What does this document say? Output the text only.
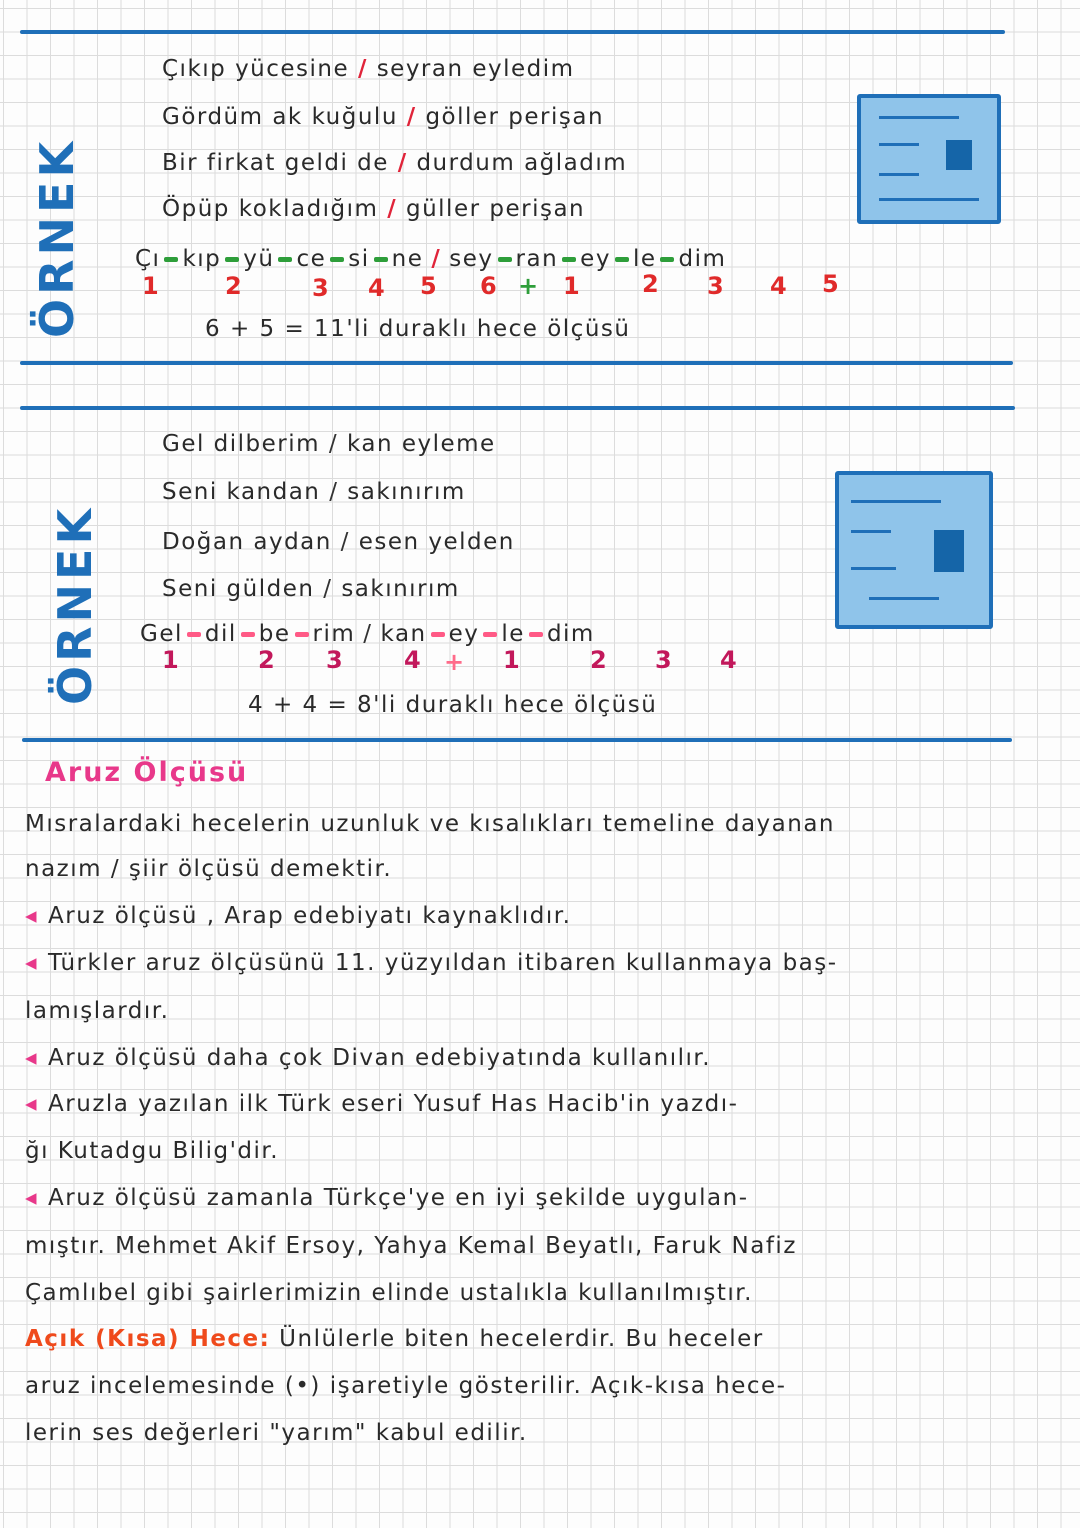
ÖRNEK
Çıkıp yücesine / seyran eyledim
Gördüm ak kuğulu / göller perişan
Bir firkat geldi de / durdum ağladım
Öpüp kokladığım / güller perişan
Çı kıp yü ce si ne / sey ran ey le dim
1	2	3 4 5 6 + 1	2 3 4 5
6 + 5 = 11'li duraklı hece ölçüsü
ÖRNEK
Gel dilberim / kan eyleme
Seni kandan / sakınırım
Doğan aydan / esen yelden
Seni gülden / sakınırım
Gel dil be rim / kan ey le dim
1	2 3	4 + 1	2 3 4
4 + 4 = 8'li duraklı hece ölçüsü
Aruz Ölçüsü
Mısralardaki hecelerin uzunluk ve kısalıkları temeline dayanan
nazım / şiir ölçüsü demektir.
◂ Aruz ölçüsü , Arap edebiyatı kaynaklıdır.
◂ Türkler aruz ölçüsünü 11. yüzyıldan itibaren kullanmaya baş-
lamışlardır.
◂ Aruz ölçüsü daha çok Divan edebiyatında kullanılır.
◂ Aruzla yazılan ilk Türk eseri Yusuf Has Hacib'in yazdı-
ğı Kutadgu Bilig'dir.
◂ Aruz ölçüsü zamanla Türkçe'ye en iyi şekilde uygulan-
mıştır. Mehmet Akif Ersoy, Yahya Kemal Beyatlı, Faruk Nafiz
Çamlıbel gibi şairlerimizin elinde ustalıkla kullanılmıştır.
Açık (Kısa) Hece: Ünlülerle biten hecelerdir. Bu heceler
aruz incelemesinde (•) işaretiyle gösterilir. Açık-kısa hece-
lerin ses değerleri "yarım" kabul edilir.
